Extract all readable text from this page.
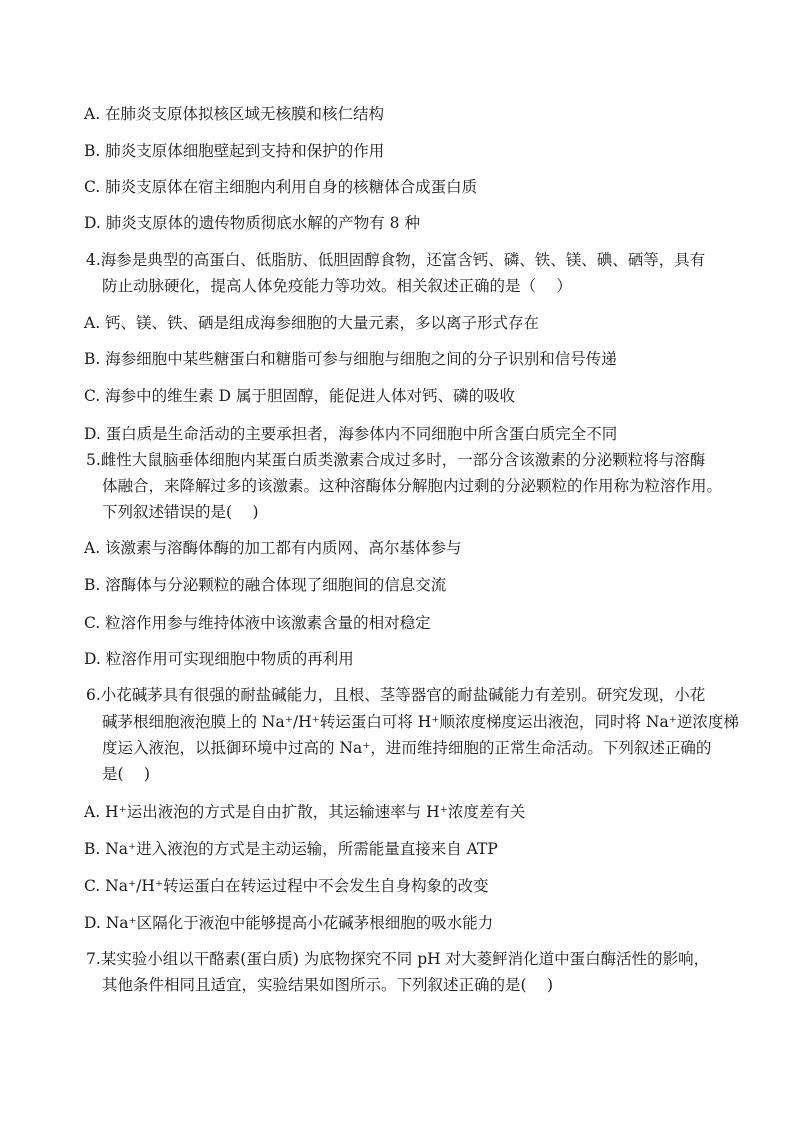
A. 在肺炎支原体拟核区域无核膜和核仁结构
B. 肺炎支原体细胞壁起到支持和保护的作用
C. 肺炎支原体在宿主细胞内利用自身的核糖体合成蛋白质
D. 肺炎支原体的遗传物质彻底水解的产物有 8 种
4.海参是典型的高蛋白、低脂肪、低胆固醇食物，还富含钙、磷、铁、镁、碘、硒等，具有
防止动脉硬化，提高人体免疫能力等功效。相关叙述正确的是（　 ）
A. 钙、镁、铁、硒是组成海参细胞的大量元素，多以离子形式存在
B. 海参细胞中某些糖蛋白和糖脂可参与细胞与细胞之间的分子识别和信号传递
C. 海参中的维生素 D 属于胆固醇，能促进人体对钙、磷的吸收
D. 蛋白质是生命活动的主要承担者，海参体内不同细胞中所含蛋白质完全不同
5.雌性大鼠脑垂体细胞内某蛋白质类激素合成过多时，一部分含该激素的分泌颗粒将与溶酶
体融合，来降解过多的该激素。这种溶酶体分解胞内过剩的分泌颗粒的作用称为粒溶作用。
下列叙述错误的是(　 )
A. 该激素与溶酶体酶的加工都有内质网、高尔基体参与
B. 溶酶体与分泌颗粒的融合体现了细胞间的信息交流
C. 粒溶作用参与维持体液中该激素含量的相对稳定
D. 粒溶作用可实现细胞中物质的再利用
6.小花碱茅具有很强的耐盐碱能力，且根、茎等器官的耐盐碱能力有差别。研究发现，小花
碱茅根细胞液泡膜上的 Na⁺/H⁺转运蛋白可将 H⁺顺浓度梯度运出液泡，同时将 Na⁺逆浓度梯
度运入液泡，以抵御环境中过高的 Na⁺，进而维持细胞的正常生命活动。下列叙述正确的
是(　 )
A. H⁺运出液泡的方式是自由扩散，其运输速率与 H⁺浓度差有关
B. Na⁺进入液泡的方式是主动运输，所需能量直接来自 ATP
C. Na⁺/H⁺转运蛋白在转运过程中不会发生自身构象的改变
D. Na⁺区隔化于液泡中能够提高小花碱茅根细胞的吸水能力
7.某实验小组以干酪素(蛋白质) 为底物探究不同 pH 对大菱鲆消化道中蛋白酶活性的影响，
其他条件相同且适宜，实验结果如图所示。下列叙述正确的是(　 )
